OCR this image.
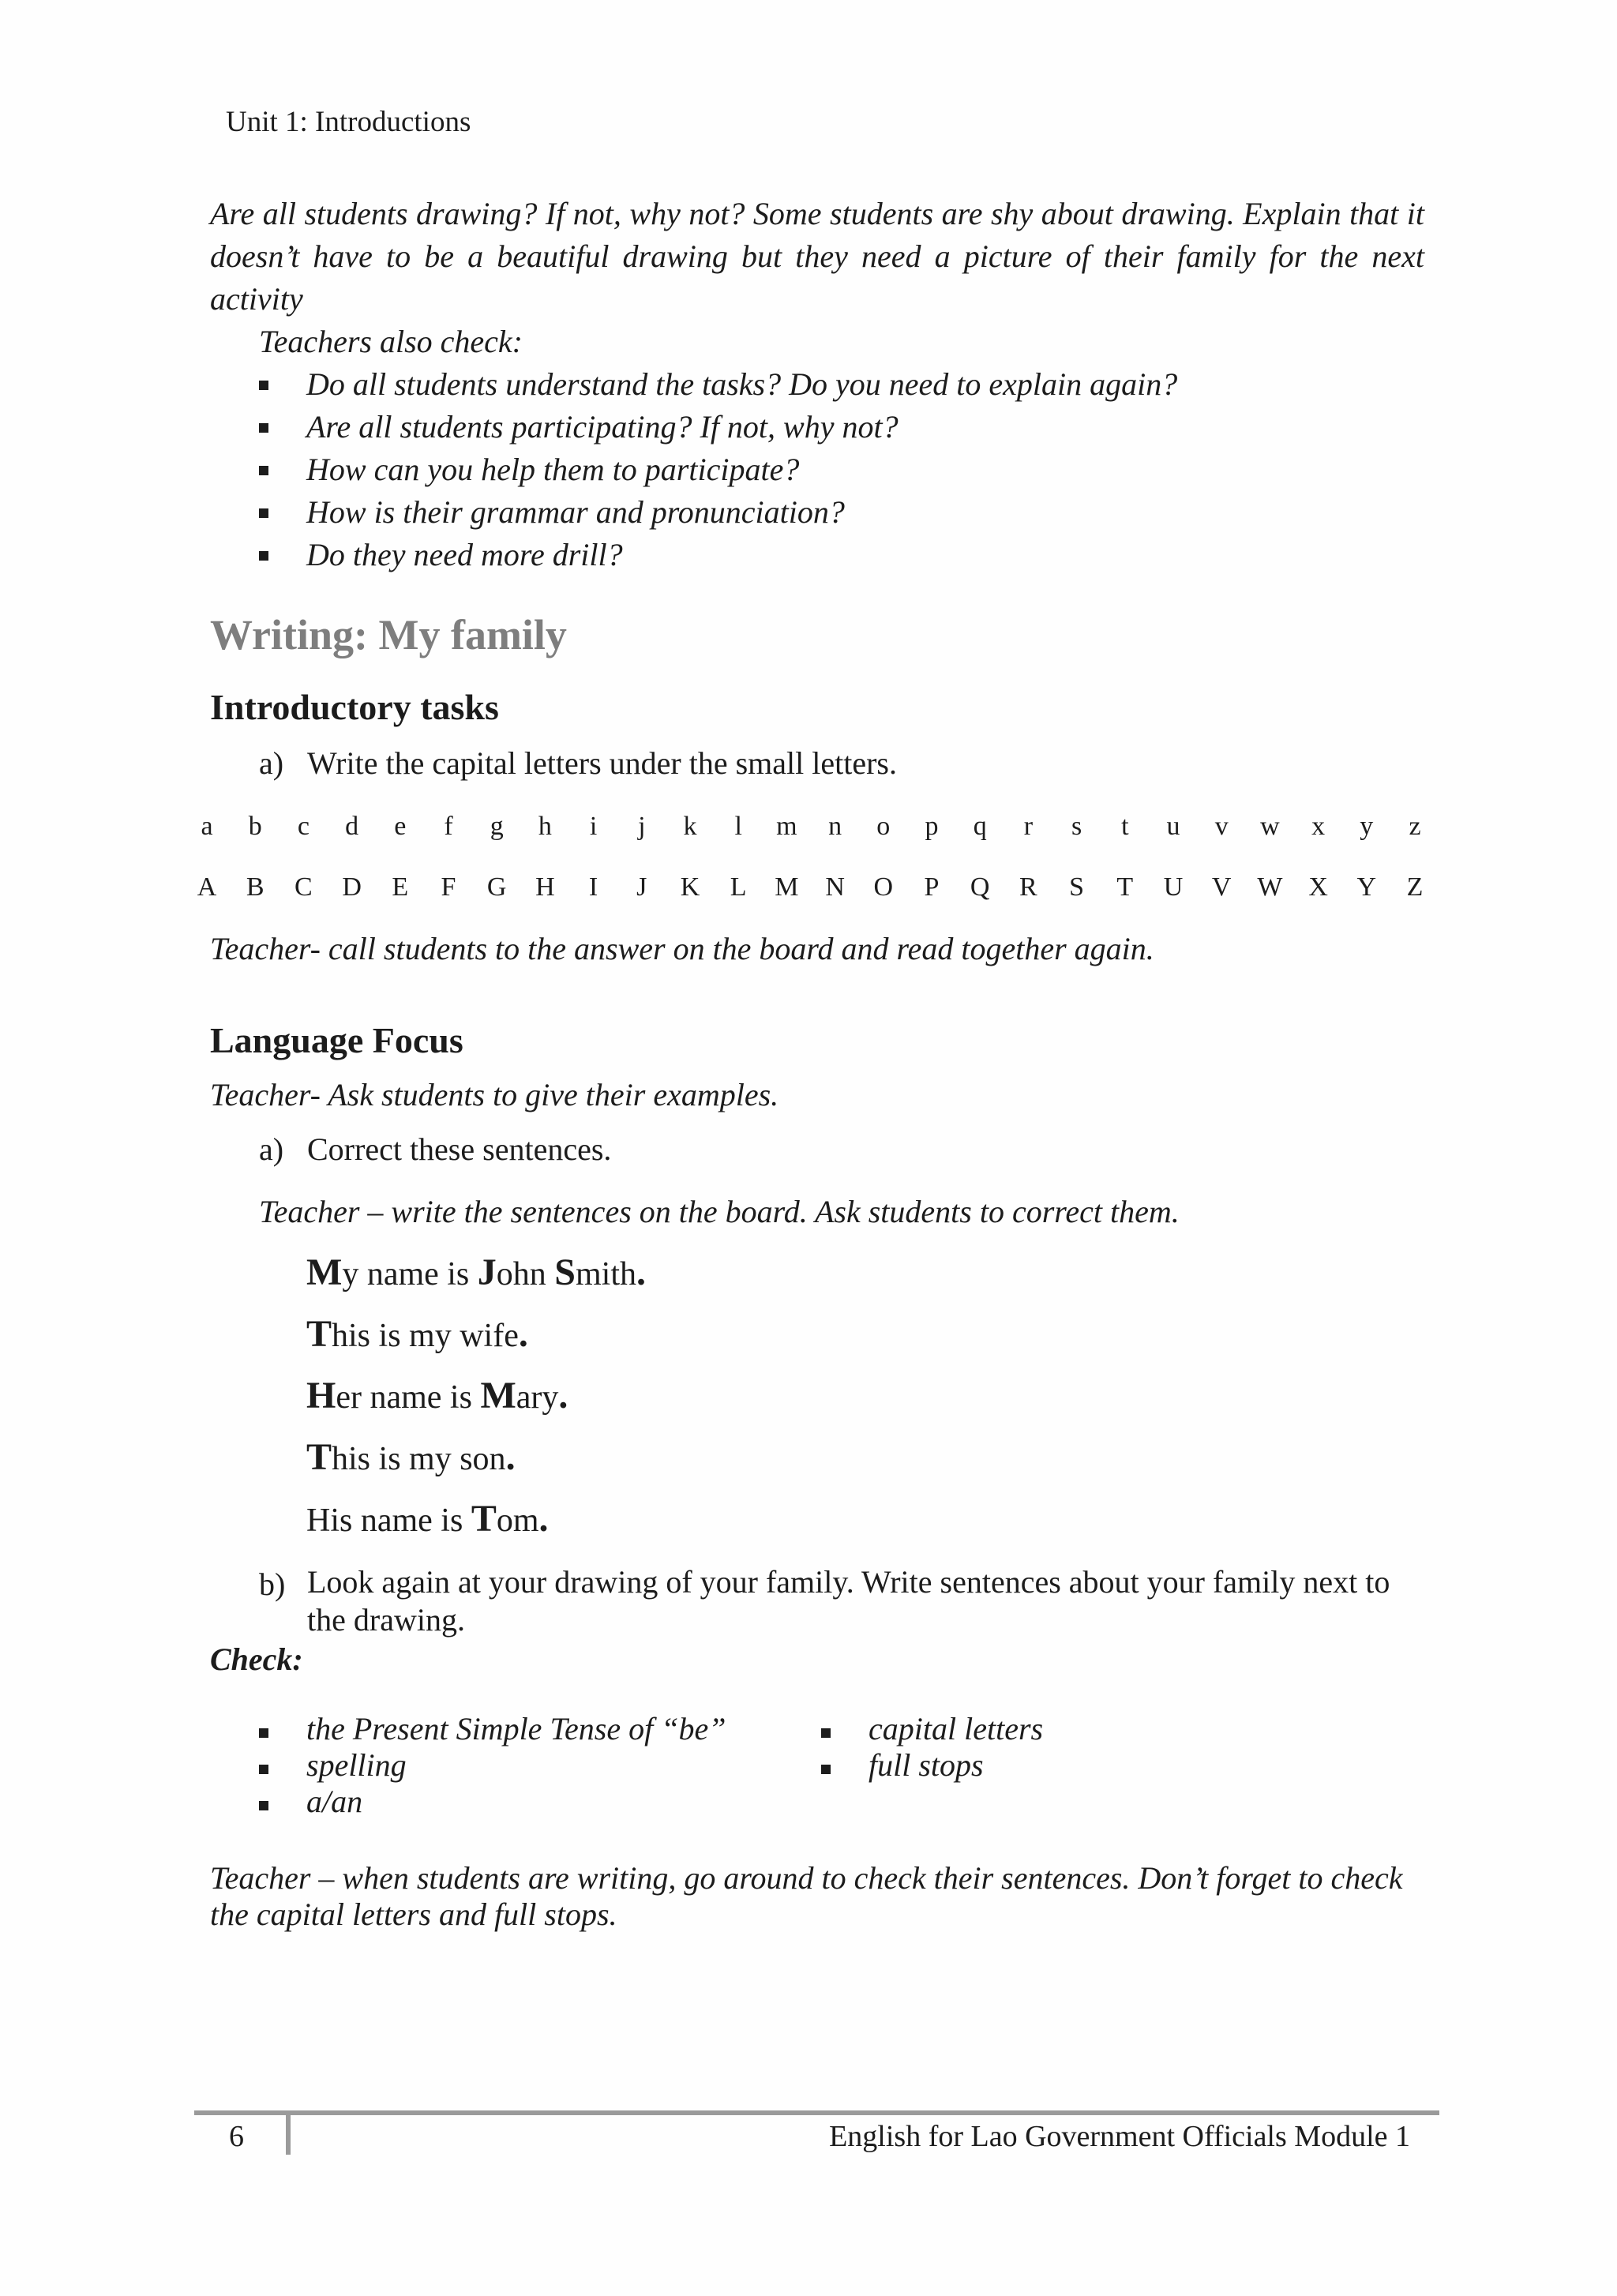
Unit 1: Introductions
Are all students drawing? If not, why not? Some students are shy about drawing. Explain that it doesn’t have to be a beautiful drawing but they need a picture of their family for the next activity
Teachers also check:
Do all students understand the tasks? Do you need to explain again?
Are all students participating? If not, why not?
How can you help them to participate?
How is their grammar and pronunciation?
Do they need more drill?
Writing: My family
Introductory tasks
a) Write the capital letters under the small letters.
a	b	c	d	e	f	g	h	i	j	k	l	m	n	o	p	q	r	s	t	u	v	w	x	y	z
A	B	C	D	E	F	G	H	I	J	K	L	M N	O	P	Q	R	S	T	U	V W X	Y	Z
Teacher- call students to the answer on the board and read together again.
Language Focus
Teacher- Ask students to give their examples.
a) Correct these sentences.
Teacher – write the sentences on the board. Ask students to correct them.
My name is John Smith.
This is my wife.
Her name is Mary.
This is my son.
His name is Tom.
b) Look again at your drawing of your family. Write sentences about your family next to
the drawing.
Check:
the Present Simple Tense of “be”
spelling
a/an
capital letters
full stops
Teacher – when students are writing, go around to check their sentences. Don’t forget to check the capital letters and full stops.
6	English for Lao Government Officials Module 1
